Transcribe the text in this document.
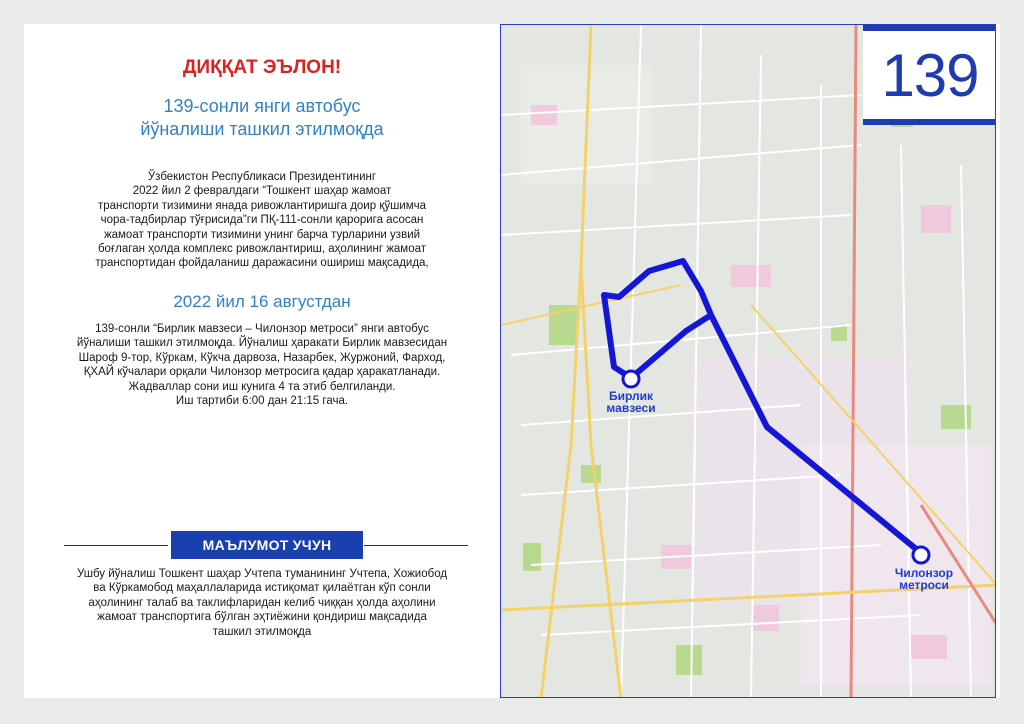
ДИҚҚАТ ЭЪЛОН!
139-сонли янги автобус
йўналиши ташкил этилмоқда
Ўзбекистон Республикаси Президентининг
2022 йил 2 февралдаги “Тошкент шаҳар жамоат
транспорти тизимини янада ривожлантиришга доир қўшимча
чора-тадбирлар тўғрисида”ги ПҚ-111-сонли қарорига асосан
жамоат транспорти тизимини унинг барча турларини узвий
боғлаган ҳолда комплекс ривожлантириш, аҳолининг жамоат
транспортидан фойдаланиш даражасини ошириш мақсадида,
2022 йил 16 августдан
139-сонли “Бирлик мавзеси – Чилонзор метроси” янги автобус
йўналиши ташкил этилмоқда. Йўналиш ҳаракати Бирлик мавзесидан
Шароф 9-тор, Кўркам, Кўкча дарвоза, Назарбек, Журжоний, Фарход,
ҚХАЙ кўчалари орқали Чилонзор метросига қадар ҳаракатланади.
Жадваллар сони иш кунига 4 та этиб белгиланди.
Иш тартиби 6:00 дан 21:15 гача.
МАЪЛУМОТ УЧУН
Ушбу йўналиш Тошкент шаҳар Учтепа туманининг Учтепа, Хожиобод
ва Кўркамобод маҳаллаларида истиқомат қилаётган кўп сонли
аҳолининг талаб ва таклифларидан келиб чиққан ҳолда аҳолини
жамоат транспортига бўлган эҳтиёжини қондириш мақсадида
ташкил этилмоқда
139
Бирлик
мавзеси
Чилонзор
метроси
